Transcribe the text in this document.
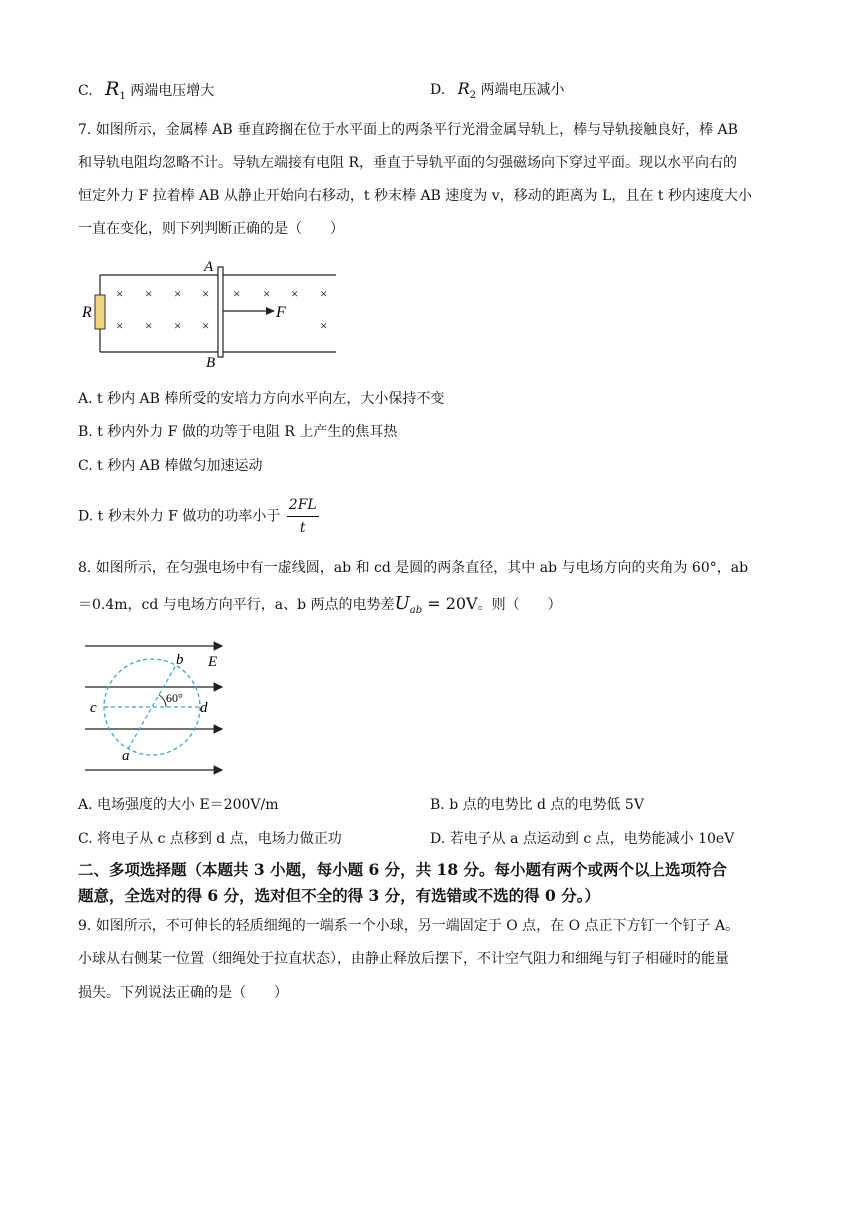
C. $R_1$ 两端电压增大	D. $R_2$ 两端电压减小
7. 如图所示，金属棒 AB 垂直跨搁在位于水平面上的两条平行光滑金属导轨上，棒与导轨接触良好，棒 AB
和导轨电阻均忽略不计。导轨左端接有电阻 R，垂直于导轨平面的匀强磁场向下穿过平面。现以水平向右的
恒定外力 F 拉着棒 AB 从静止开始向右移动，t 秒末棒 AB 速度为 v，移动的距离为 L，且在 t 秒内速度大小
一直在变化，则下列判断正确的是（　　）
R
A
B
× × × × × × × ×
× × × ×	×
F
A. t 秒内 AB 棒所受的安培力方向水平向左，大小保持不变
B. t 秒内外力 F 做的功等于电阻 R 上产生的焦耳热
C. t 秒内 AB 棒做匀加速运动
D. t 秒末外力 F 做功的功率小于 $\frac{2FL}{t}$
8. 如图所示，在匀强电场中有一虚线圆，ab 和 cd 是圆的两条直径，其中 ab 与电场方向的夹角为 60°，ab
＝0.4m，cd 与电场方向平行，a、b 两点的电势差$U_{ab} = 20V$。则（　　）
60°
b E
c	d
a
A. 电场强度的大小 E＝200V/m	B. b 点的电势比 d 点的电势低 5V
C. 将电子从 c 点移到 d 点，电场力做正功	D. 若电子从 a 点运动到 c 点，电势能减小 10eV
二、多项选择题（本题共 3 小题，每小题 6 分，共 18 分。每小题有两个或两个以上选项符合
题意，全选对的得 6 分，选对但不全的得 3 分，有选错或不选的得 0 分。）
9. 如图所示，不可伸长的轻质细绳的一端系一个小球，另一端固定于 O 点，在 O 点正下方钉一个钉子 A。
小球从右侧某一位置（细绳处于拉直状态），由静止释放后摆下，不计空气阻力和细绳与钉子相碰时的能量
损失。下列说法正确的是（　　）
